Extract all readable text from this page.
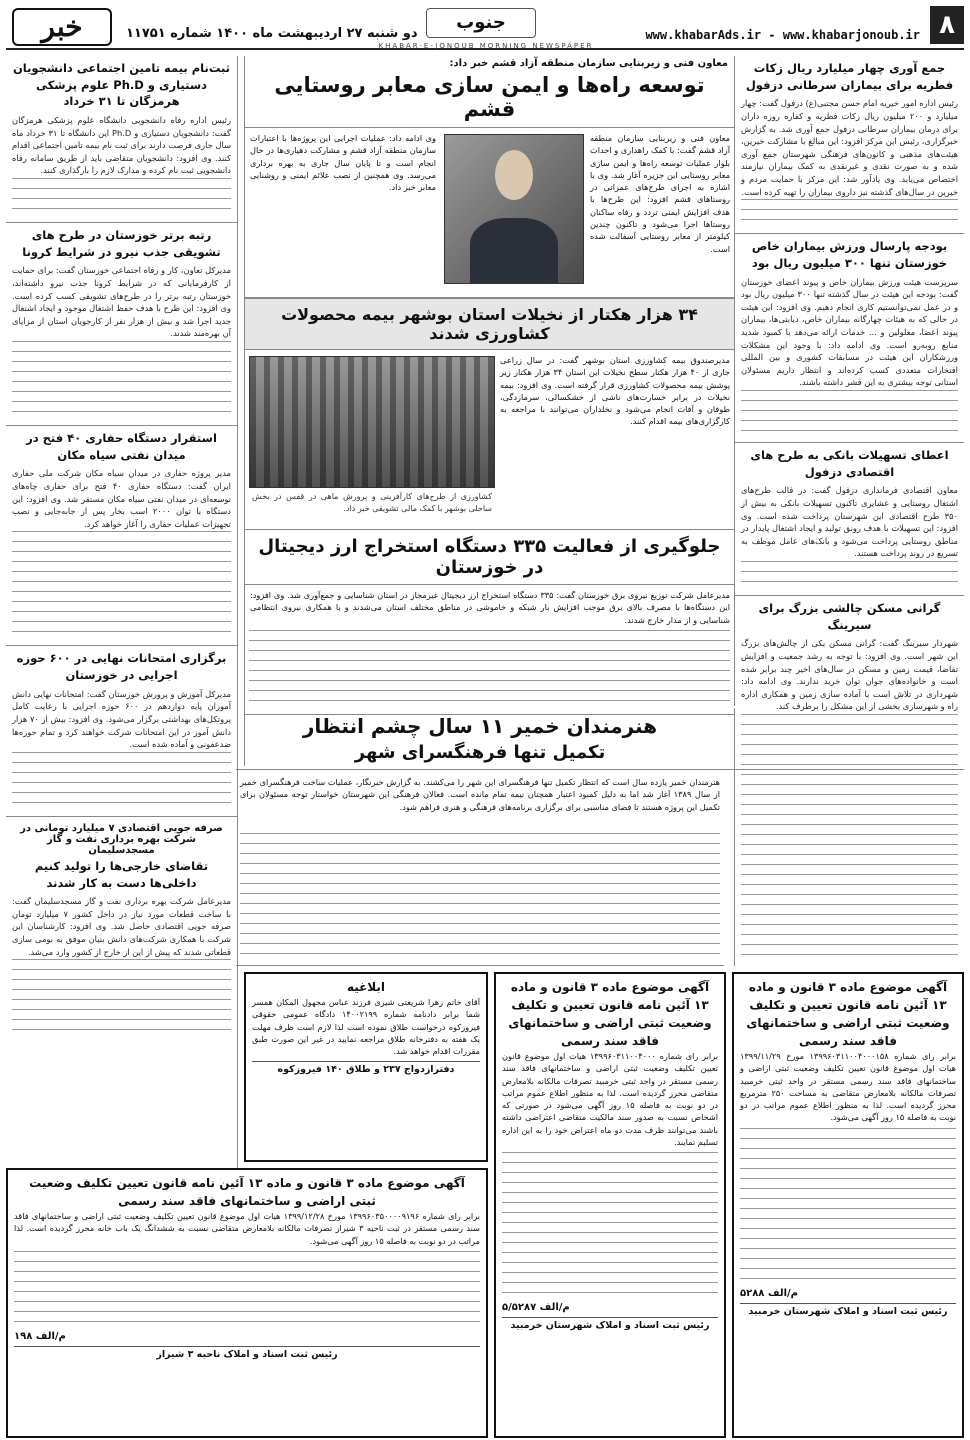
۸
www.khabarAds.ir - www.khabarjonoub.ir
جنوب
KHABAR-E-JONOUB MORNING NEWSPAPER
دو شنبه ۲۷ اردیبهشت ماه ۱۴۰۰ شماره ۱۱۷۵۱
خبر
جمع آوری چهار میلیارد ریال زکات فطریه برای بیماران سرطانی دزفول

رئیس اداره امور خیریه امام حسن مجتبی(ع) دزفول گفت: چهار میلیارد و ۲۰۰ میلیون ریال زکات فطریه و کفاره روزه داران برای درمان بیماران سرطانی دزفول جمع آوری شد. به گزارش خبرگزاری، رئیس این مرکز افزود: این مبالغ با مشارکت خیرین، هیئت‌های مذهبی و کانون‌های فرهنگی شهرستان جمع آوری شده و به صورت نقدی و غیرنقدی به کمک بیماران نیازمند اختصاص می‌یابد. وی یادآور شد: این مرکز با حمایت مردم و خیرین در سال‌های گذشته نیز داروی بیماران را تهیه کرده است.

بودجه پارسال ورزش بیماران خاص خوزستان تنها ۳۰۰ میلیون ریال بود

سرپرست هیئت ورزش بیماران خاص و پیوند اعضای خوزستان گفت: بودجه این هیئت در سال گذشته تنها ۳۰۰ میلیون ریال بود و در عمل نمی‌توانستیم کاری انجام دهیم. وی افزود: این هیئت در حالی که به هیئات چهارگانه بیماران خاص، دیابتی‌ها، بیماران پیوند اعضا، معلولین و ... خدمات ارائه می‌دهد با کمبود شدید منابع روبه‌رو است. وی ادامه داد: با وجود این مشکلات ورزشکاران این هیئت در مسابقات کشوری و بین المللی افتخارات متعددی کسب کرده‌اند و انتظار داریم مسئولان استانی توجه بیشتری به این قشر داشته باشند.

اعطای تسهیلات بانکی به طرح های اقتصادی دزفول

معاون اقتصادی فرمانداری دزفول گفت: در قالب طرح‌های اشتغال روستایی و عشایری تاکنون تسهیلات بانکی به بیش از ۳۵۰ طرح اقتصادی این شهرستان پرداخت شده است. وی افزود: این تسهیلات با هدف رونق تولید و ایجاد اشتغال پایدار در مناطق روستایی پرداخت می‌شود و بانک‌های عامل موظف به تسریع در روند پرداخت هستند.

گرانی مسکن چالشی بزرگ برای سیرینگ

شهردار سیرینگ گفت: گرانی مسکن یکی از چالش‌های بزرگ این شهر است. وی افزود: با توجه به رشد جمعیت و افزایش تقاضا، قیمت زمین و مسکن در سال‌های اخیر چند برابر شده است و خانواده‌های جوان توان خرید ندارند. وی ادامه داد: شهرداری در تلاش است با آماده سازی زمین و همکاری اداره راه و شهرسازی بخشی از این مشکل را برطرف کند.

ثبت‌نام بیمه تامین اجتماعی دانشجویان دستیاری و Ph.D علوم پزشکی هرمزگان تا ۳۱ خرداد

رئیس اداره رفاه دانشجویی دانشگاه علوم پزشکی هرمزگان گفت: دانشجویان دستیاری و Ph.D این دانشگاه تا ۳۱ خرداد ماه سال جاری فرصت دارند برای ثبت نام بیمه تامین اجتماعی اقدام کنند. وی افزود: دانشجویان متقاضی باید از طریق سامانه رفاه دانشجویی ثبت نام کرده و مدارک لازم را بارگذاری کنند.

رتبه برتر خوزستان در طرح های تشویقی جذب نیرو در شرایط کرونا

مدیرکل تعاون، کار و رفاه اجتماعی خوزستان گفت: برای حمایت از کارفرمایانی که در شرایط کرونا جذب نیرو داشته‌اند، خوزستان رتبه برتر را در طرح‌های تشویقی کسب کرده است. وی افزود: این طرح با هدف حفظ اشتغال موجود و ایجاد اشتغال جدید اجرا شد و بیش از هزار نفر از کارجویان استان از مزایای آن بهره‌مند شدند.

استقرار دستگاه حفاری ۴۰ فتح در میدان نفتی سیاه مکان

مدیر پروژه حفاری در میدان سیاه مکان شرکت ملی حفاری ایران گفت: دستگاه حفاری ۴۰ فتح برای حفاری چاه‌های توسعه‌ای در میدان نفتی سیاه مکان مستقر شد. وی افزود: این دستگاه با توان ۲۰۰۰ اسب بخار پس از جابه‌جایی و نصب تجهیزات عملیات حفاری را آغاز خواهد کرد.

برگزاری امتحانات نهایی در ۶۰۰ حوزه اجرایی در خوزستان

مدیرکل آموزش و پرورش خوزستان گفت: امتحانات نهایی دانش آموزان پایه دوازدهم در ۶۰۰ حوزه اجرایی با رعایت کامل پروتکل‌های بهداشتی برگزار می‌شود. وی افزود: بیش از ۷۰ هزار دانش آموز در این امتحانات شرکت خواهند کرد و تمام حوزه‌ها ضدعفونی و آماده شده است.

صرفه جویی اقتصادی ۷ میلیارد تومانی در شرکت بهره برداری نفت و گاز مسجدسلیمان
تقاضای خارجی‌ها را تولید کنیم داخلی‌ها دست به کار شدند

مدیرعامل شرکت بهره برداری نفت و گاز مسجدسلیمان گفت: با ساخت قطعات مورد نیاز در داخل کشور ۷ میلیارد تومان صرفه جویی اقتصادی حاصل شد. وی افزود: کارشناسان این شرکت با همکاری شرکت‌های دانش بنیان موفق به بومی سازی قطعاتی شدند که پیش از این از خارج از کشور وارد می‌شد.

معاون فنی و زیربنایی سازمان منطقه آزاد قشم خبر داد:
توسعه راه‌ها و ایمن سازی معابر روستایی قشم
معاون فنی و زیربنایی سازمان منطقه آزاد قشم گفت: با کمک راهداری و احداث بلوار عملیات توسعه راه‌ها و ایمن سازی معابر روستایی این جزیره آغاز شد. وی با اشاره به اجرای طرح‌های عمرانی در روستاهای قشم افزود: این طرح‌ها با هدف افزایش ایمنی تردد و رفاه ساکنان روستاها اجرا می‌شود و تاکنون چندین کیلومتر از معابر روستایی آسفالت شده است.
وی ادامه داد: عملیات اجرایی این پروژه‌ها با اعتبارات سازمان منطقه آزاد قشم و مشارکت دهیاری‌ها در حال انجام است و تا پایان سال جاری به بهره برداری می‌رسد. وی همچنین از نصب علائم ایمنی و روشنایی معابر خبر داد.
۳۴ هزار هکتار از نخیلات استان بوشهر بیمه محصولات کشاورزی شدند
مدیرصندوق بیمه کشاورزی استان بوشهر گفت: در سال زراعی جاری از ۴۰ هزار هکتار سطح نخیلات این استان ۳۴ هزار هکتار زیر پوشش بیمه محصولات کشاورزی قرار گرفته است. وی افزود: بیمه نخیلات در برابر خسارت‌های ناشی از خشکسالی، سرمازدگی، طوفان و آفات انجام می‌شود و نخلداران می‌توانند با مراجعه به کارگزاری‌های بیمه اقدام کنند.
کشاورزی از طرح‌های کارآفرینی و پرورش ماهی در قفس در بخش ساحلی بوشهر با کمک مالی تشویقی خبر داد.
جلوگیری از فعالیت ۳۳۵ دستگاه استخراج ارز دیجیتال در خوزستان
مدیرعامل شرکت توزیع نیروی برق خوزستان گفت: ۳۳۵ دستگاه استخراج ارز دیجیتال غیرمجاز در استان شناسایی و جمع‌آوری شد. وی افزود: این دستگاه‌ها با مصرف بالای برق موجب افزایش بار شبکه و خاموشی در مناطق مختلف استان می‌شدند و با همکاری نیروی انتظامی شناسایی و از مدار خارج شدند.
هنرمندان خمیر ۱۱ سال چشم انتظار
تکمیل تنها فرهنگسرای شهر
هنرمندان خمیر یازده سال است که انتظار تکمیل تنها فرهنگسرای این شهر را می‌کشند. به گزارش خبرنگار، عملیات ساخت فرهنگسرای خمیر از سال ۱۳۸۹ آغاز شد اما به دلیل کمبود اعتبار همچنان نیمه تمام مانده است. فعالان فرهنگی این شهرستان خواستار توجه مسئولان برای تکمیل این پروژه هستند تا فضای مناسبی برای برگزاری برنامه‌های فرهنگی و هنری فراهم شود.
ابلاغیه

آقای خاتم زهرا شریعتی شیری فرزند عباس مجهول المکان همسر شما برابر دادنامه شماره ۱۴۰۰۲۱۹۹ دادگاه عمومی حقوقی فیروزکوه درخواست طلاق نموده است لذا لازم است ظرف مهلت یک هفته به دفترخانه طلاق مراجعه نمایید در غیر این صورت طبق مقررات اقدام خواهد شد.

دفترازدواج ۲۳۷ و طلاق ۱۴۰ فیروزکوه
آگهی موضوع ماده ۳ قانون و ماده ۱۳ آئین نامه قانون تعیین و تکلیف وضعیت ثبتی اراضی و ساختمانهای فاقد سند رسمی

برابر رای شماره ۱۳۹۹۶۰۳۱۱۰۰۴۰۰۰ هیات اول موضوع قانون تعیین تکلیف وضعیت ثبتی اراضی و ساختمانهای فاقد سند رسمی مستقر در واحد ثبتی خرمبید تصرفات مالکانه بلامعارض متقاضی محرز گردیده است. لذا به منظور اطلاع عموم مراتب در دو نوبت به فاصله ۱۵ روز آگهی می‌شود در صورتی که اشخاص نسبت به صدور سند مالکیت متقاضی اعتراضی داشته باشند می‌توانند ظرف مدت دو ماه اعتراض خود را به این اداره تسلیم نمایند.

۵/۵۲۸۷ م/الف
رئیس ثبت اسناد و املاک شهرستان خرمبید
آگهی موضوع ماده ۳ قانون و ماده ۱۳ آئین نامه قانون تعیین و تکلیف وضعیت ثبتی اراضی و ساختمانهای فاقد سند رسمی

برابر رای شماره ۱۳۹۹۶۰۳۱۱۰۰۴۰۰۰۱۵۸ مورخ ۱۳۹۹/۱۱/۲۹ هیات اول موضوع قانون تعیین تکلیف وضعیت ثبتی اراضی و ساختمانهای فاقد سند رسمی مستقر در واحد ثبتی خرمبید تصرفات مالکانه بلامعارض متقاضی به مساحت ۲۵۰ مترمربع محرز گردیده است. لذا به منظور اطلاع عموم مراتب در دو نوبت به فاصله ۱۵ روز آگهی می‌شود.

۵۲۸۸ م/الف
رئیس ثبت اسناد و املاک شهرستان خرمبید
آگهی موضوع ماده ۳ قانون و ماده ۱۳ آئین نامه قانون تعیین تکلیف وضعیت ثبتی اراضی و ساختمانهای فاقد سند رسمی

برابر رای شماره ۱۳۹۹۶۰۳۵۰۰۰۰۹۱۹۶ مورخ ۱۳۹۹/۱۲/۲۸ هیات اول موضوع قانون تعیین تکلیف وضعیت ثبتی اراضی و ساختمانهای فاقد سند رسمی مستقر در ثبت ناحیه ۳ شیراز تصرفات مالکانه بلامعارض متقاضی نسبت به ششدانگ یک باب خانه محرز گردیده است. لذا مراتب در دو نوبت به فاصله ۱۵ روز آگهی می‌شود.

۱۹۸ م/الف
رئیس ثبت اسناد و املاک ناحیه ۳ شیراز
